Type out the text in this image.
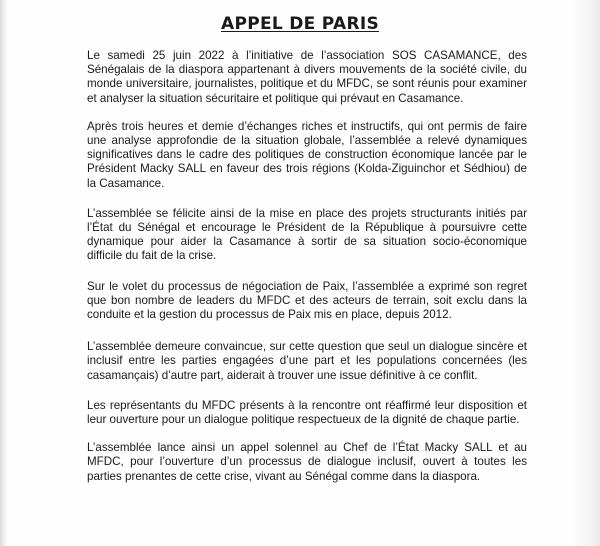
APPEL DE PARIS

Le samedi 25 juin 2022 à l’initiative de l’association SOS CASAMANCE, des Sénégalais de la diaspora appartenant à divers mouvements de la société civile, du monde universitaire, journalistes, politique et du MFDC, se sont réunis pour examiner et analyser la situation sécuritaire et politique qui prévaut en Casamance.

Après trois heures et demie d’échanges riches et instructifs, qui ont permis de faire une analyse approfondie de la situation globale, l’assemblée a relevé dynamiques significatives dans le cadre des politiques de construction économique lancée par le Président Macky SALL en faveur des trois régions (Kolda-Ziguinchor et Sédhiou) de la Casamance.

L’assemblée se félicite ainsi de la mise en place des projets structurants initiés par l’État du Sénégal et encourage le Président de la République à poursuivre cette dynamique pour aider la Casamance à sortir de sa situation socio-économique difficile du fait de la crise.

Sur le volet du processus de négociation de Paix, l’assemblée a exprimé son regret que bon nombre de leaders du MFDC et des acteurs de terrain, soit exclu dans la conduite et la gestion du processus de Paix mis en place, depuis 2012.

L’assemblée demeure convaincue, sur cette question que seul un dialogue sincère et inclusif entre les parties engagées d’une part et les populations concernées (les casamançais) d’autre part, aiderait à trouver une issue définitive à ce conflit.

Les représentants du MFDC présents à la rencontre ont réaffirmé leur disposition et leur ouverture pour un dialogue politique respectueux de la dignité de chaque partie.

L’assemblée lance ainsi un appel solennel au Chef de l’État Macky SALL et au MFDC, pour l’ouverture d’un processus de dialogue inclusif, ouvert à toutes les parties prenantes de cette crise, vivant au Sénégal comme dans la diaspora.
